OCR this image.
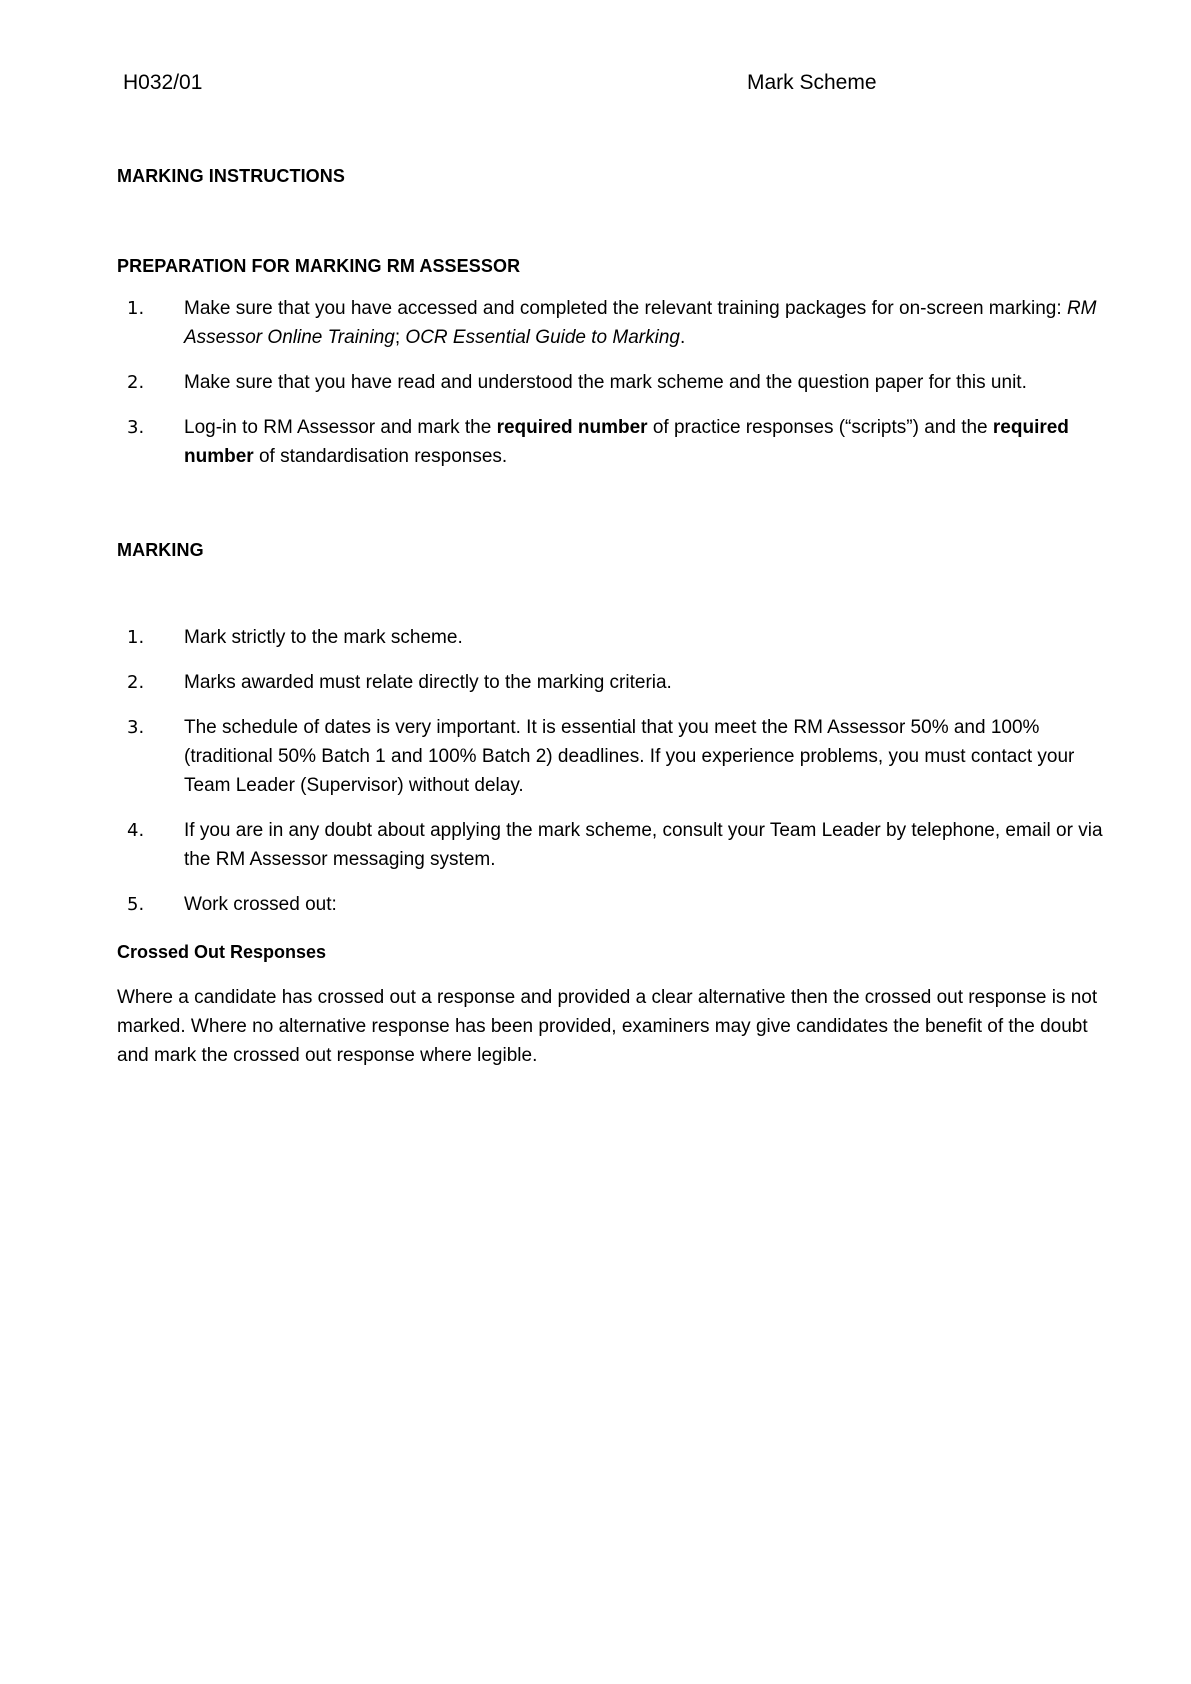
H032/01	Mark Scheme
MARKING INSTRUCTIONS
PREPARATION FOR MARKING RM ASSESSOR
1. Make sure that you have accessed and completed the relevant training packages for on-screen marking: RM Assessor Online Training; OCR Essential Guide to Marking.
2. Make sure that you have read and understood the mark scheme and the question paper for this unit.
3. Log-in to RM Assessor and mark the required number of practice responses (“scripts”) and the required number of standardisation responses.
MARKING
1. Mark strictly to the mark scheme.
2. Marks awarded must relate directly to the marking criteria.
3. The schedule of dates is very important. It is essential that you meet the RM Assessor 50% and 100% (traditional 50% Batch 1 and 100% Batch 2) deadlines. If you experience problems, you must contact your Team Leader (Supervisor) without delay.
4. If you are in any doubt about applying the mark scheme, consult your Team Leader by telephone, email or via the RM Assessor messaging system.
5. Work crossed out:
Crossed Out Responses
Where a candidate has crossed out a response and provided a clear alternative then the crossed out response is not marked. Where no alternative response has been provided, examiners may give candidates the benefit of the doubt and mark the crossed out response where legible.
